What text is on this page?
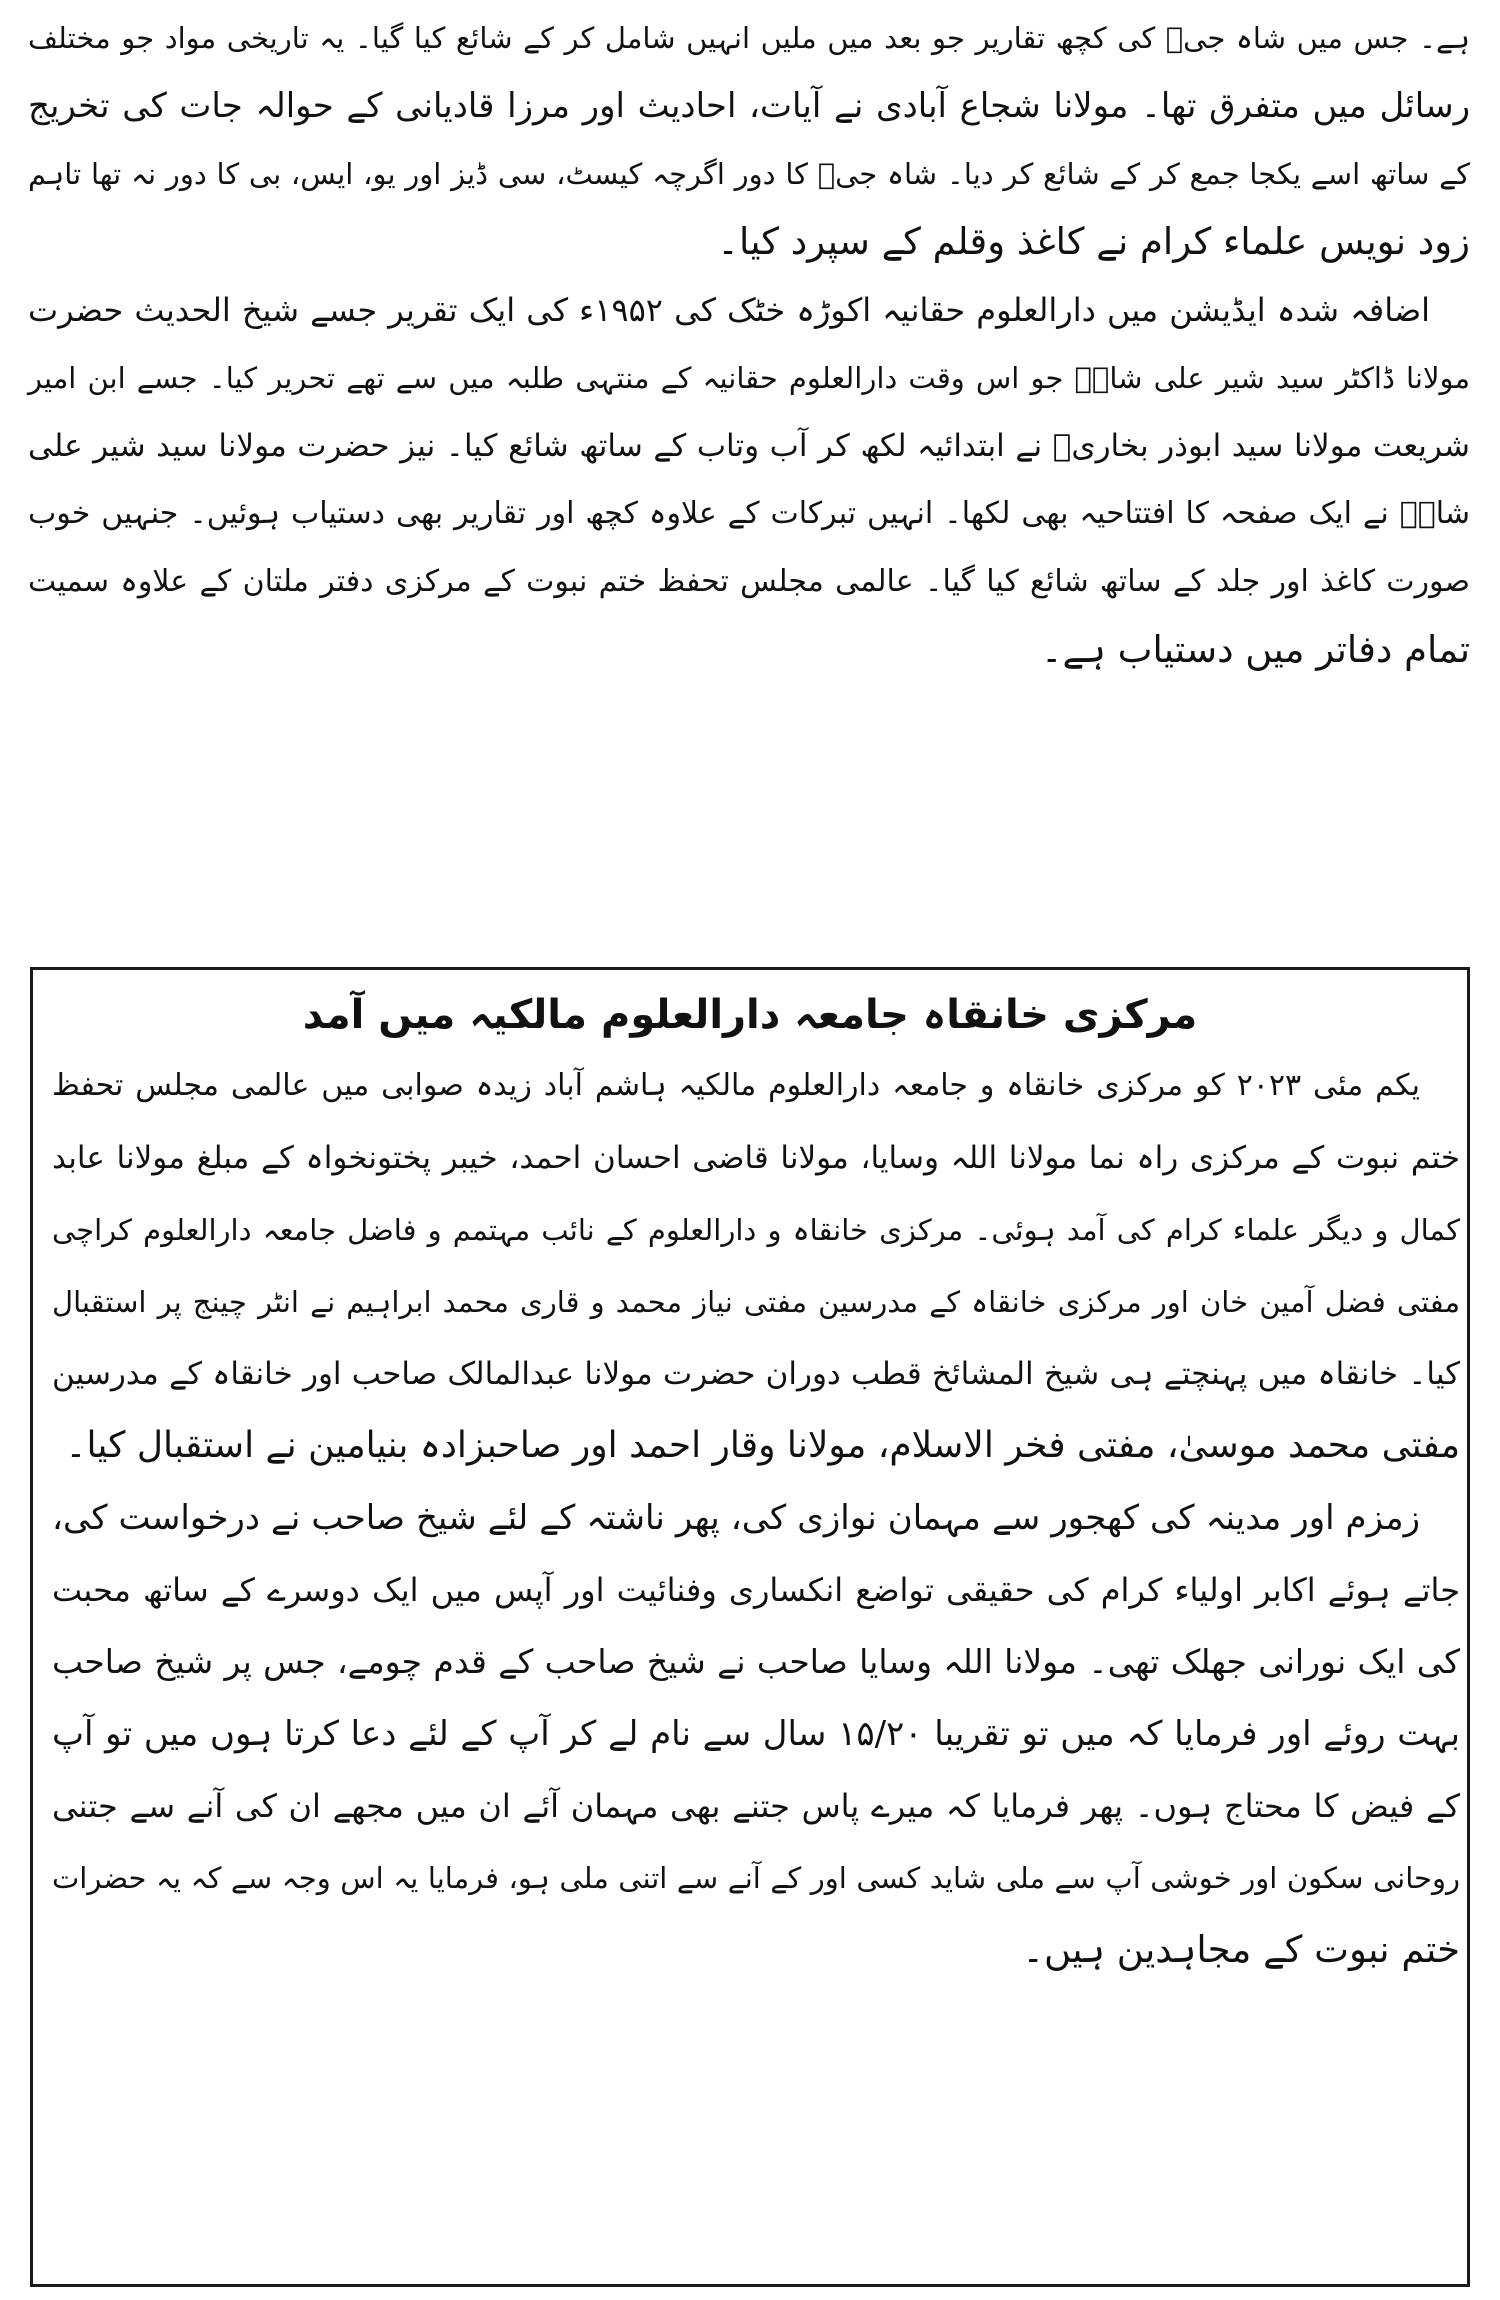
ہے۔ جس میں شاہ جیؒ کی کچھ تقاریر جو بعد میں ملیں انہیں شامل کر کے شائع کیا گیا۔ یہ تاریخی مواد جو مختلف
رسائل میں متفرق تھا۔ مولانا شجاع آبادی نے آیات، احادیث اور مرزا قادیانی کے حوالہ جات کی تخریج
کے ساتھ اسے یکجا جمع کر کے شائع کر دیا۔ شاہ جیؒ کا دور اگرچہ کیسٹ، سی ڈیز اور یو، ایس، بی کا دور نہ تھا تاہم
زود نویس علماء کرام نے کاغذ وقلم کے سپرد کیا۔
اضافہ شدہ ایڈیشن میں دارالعلوم حقانیہ اکوڑہ خٹک کی ۱۹۵۲ء کی ایک تقریر جسے شیخ الحدیث حضرت
مولانا ڈاکٹر سید شیر علی شاہؒ جو اس وقت دارالعلوم حقانیہ کے منتہی طلبہ میں سے تھے تحریر کیا۔ جسے ابن امیر
شریعت مولانا سید ابوذر بخاریؒ نے ابتدائیہ لکھ کر آب وتاب کے ساتھ شائع کیا۔ نیز حضرت مولانا سید شیر علی
شاہؒ نے ایک صفحہ کا افتتاحیہ بھی لکھا۔ انہیں تبرکات کے علاوہ کچھ اور تقاریر بھی دستیاب ہوئیں۔ جنہیں خوب
صورت کاغذ اور جلد کے ساتھ شائع کیا گیا۔ عالمی مجلس تحفظ ختم نبوت کے مرکزی دفتر ملتان کے علاوہ سمیت
تمام دفاتر میں دستیاب ہے۔
مرکزی خانقاہ جامعہ دارالعلوم مالکیہ میں آمد
یکم مئی ۲۰۲۳ کو مرکزی خانقاہ و جامعہ دارالعلوم مالکیہ ہاشم آباد زیدہ صوابی میں عالمی مجلس تحفظ
ختم نبوت کے مرکزی راہ نما مولانا اللہ وسایا، مولانا قاضی احسان احمد، خیبر پختونخواہ کے مبلغ مولانا عابد
کمال و دیگر علماء کرام کی آمد ہوئی۔ مرکزی خانقاہ و دارالعلوم کے نائب مہتمم و فاضل جامعہ دارالعلوم کراچی
مفتی فضل آمین خان اور مرکزی خانقاہ کے مدرسین مفتی نیاز محمد و قاری محمد ابراہیم نے انٹر چینج پر استقبال
کیا۔ خانقاہ میں پہنچتے ہی شیخ المشائخ قطب دوران حضرت مولانا عبدالمالک صاحب اور خانقاہ کے مدرسین
مفتی محمد موسیٰ، مفتی فخر الاسلام، مولانا وقار احمد اور صاحبزادہ بنیامین نے استقبال کیا۔
زمزم اور مدینہ کی کھجور سے مہمان نوازی کی، پھر ناشتہ کے لئے شیخ صاحب نے درخواست کی،
جاتے ہوئے اکابر اولیاء کرام کی حقیقی تواضع انکساری وفنائیت اور آپس میں ایک دوسرے کے ساتھ محبت
کی ایک نورانی جھلک تھی۔ مولانا اللہ وسایا صاحب نے شیخ صاحب کے قدم چومے، جس پر شیخ صاحب
بہت روئے اور فرمایا کہ میں تو تقریبا ۱۵/۲۰ سال سے نام لے کر آپ کے لئے دعا کرتا ہوں میں تو آپ
کے فیض کا محتاج ہوں۔ پھر فرمایا کہ میرے پاس جتنے بھی مہمان آئے ان میں مجھے ان کی آنے سے جتنی
روحانی سکون اور خوشی آپ سے ملی شاید کسی اور کے آنے سے اتنی ملی ہو، فرمایا یہ اس وجہ سے کہ یہ حضرات
ختم نبوت کے مجاہدین ہیں۔
